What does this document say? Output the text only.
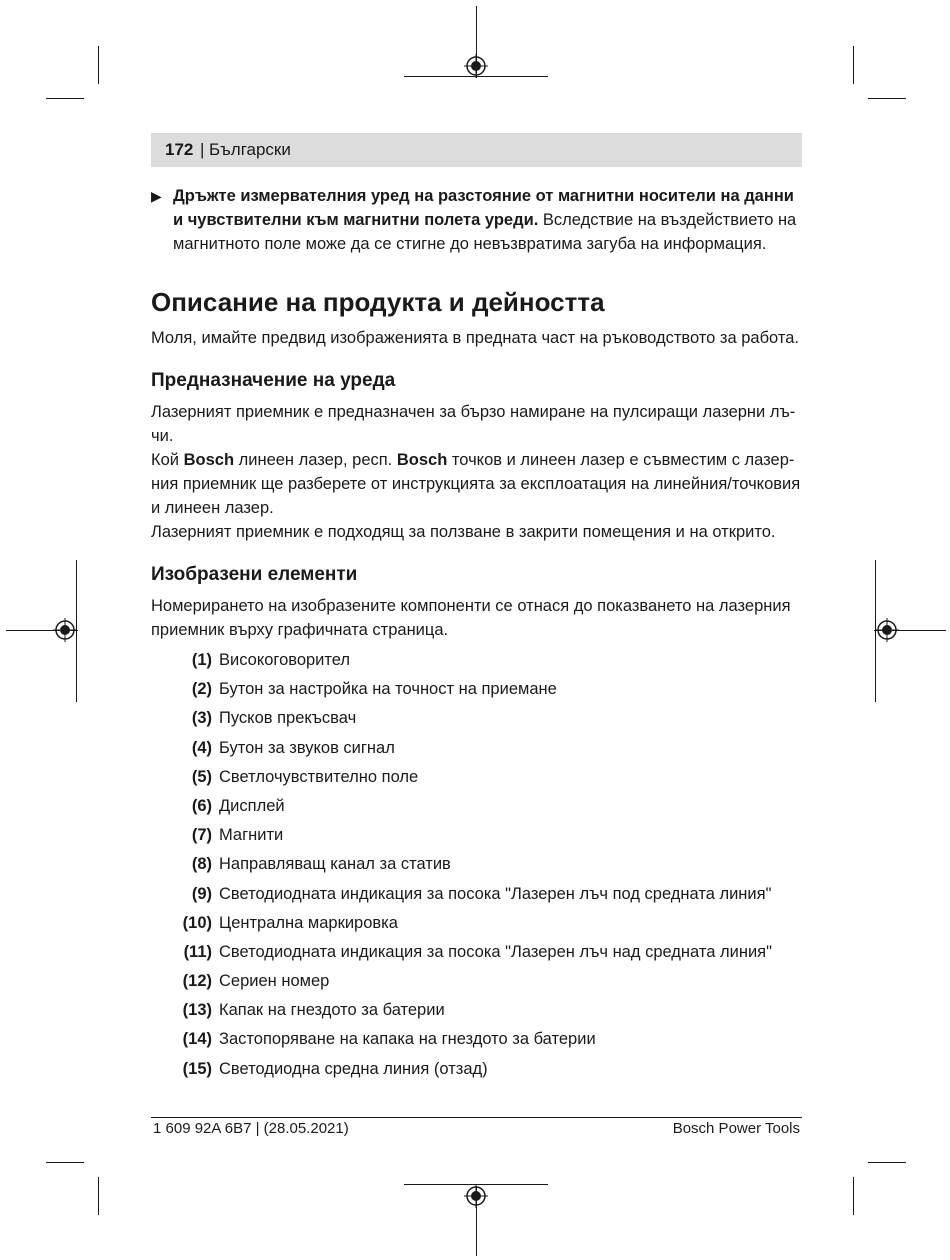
172 | Български
▶ Дръжте измервателния уред на разстояние от магнитни носители на данни и чувствителни към магнитни полета уреди. Вследствие на въздействието на магнитното поле може да се стигне до невъзвратима загуба на информация.
Описание на продукта и дейността

Моля, имайте предвид изображенията в предната част на ръководството за работа.

Предназначение на уреда

Лазерният приемник е предназначен за бързо намиране на пулсиращи лазерни лъ-чи.

Кой Bosch линеен лазер, респ. Bosch точков и линеен лазер е съвместим с лазер-ния приемник ще разберете от инструкцията за експлоатация на линейния/точковия и линеен лазер.

Лазерният приемник е подходящ за ползване в закрити помещения и на открито.

Изобразени елементи

Номерирането на изобразените компоненти се отнася до показването на лазерния приемник върху графичната страница.

(1) Високоговорител
(2) Бутон за настройка на точност на приемане
(3) Пусков прекъсвач
(4) Бутон за звуков сигнал
(5) Светлочувствително поле
(6) Дисплей
(7) Магнити
(8) Направляващ канал за статив
(9) Светодиодната индикация за посока "Лазерен лъч под средната линия"
(10) Централна маркировка
(11) Светодиодната индикация за посока "Лазерен лъч над средната линия"
(12) Сериен номер
(13) Капак на гнездото за батерии
(14) Застопоряване на капака на гнездото за батерии
(15) Светодиодна средна линия (отзад)
1 609 92A 6B7 | (28.05.2021)	Bosch Power Tools
